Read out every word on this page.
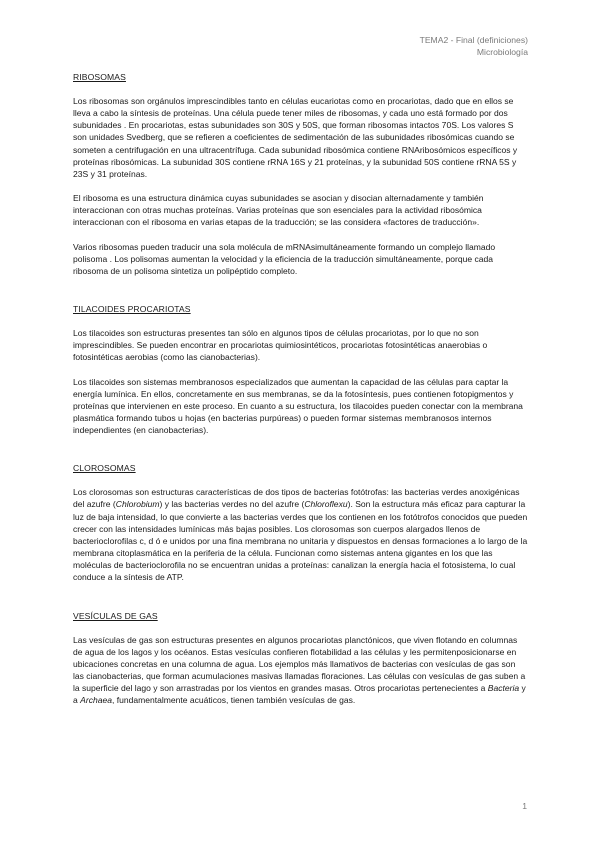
TEMA2 - Final (definiciones)
Microbiología
RIBOSOMAS

Los ribosomas son orgánulos imprescindibles tanto en células eucariotas como en procariotas, dado que en ellos se lleva a cabo la síntesis de proteínas. Una célula puede tener miles de ribosomas, y cada uno está formado por dos subunidades . En procariotas, estas subunidades son 30S y 50S, que forman ribosomas intactos 70S. Los valores S son unidades Svedberg, que se refieren a coeficientes de sedimentación de las subunidades ribosómicas cuando se someten a centrifugación en una ultracentrífuga. Cada subunidad ribosómica contiene RNAribosómicos específicos y proteínas ribosómicas. La subunidad 30S contiene rRNA 16S y 21 proteínas, y la subunidad 50S contiene rRNA 5S y 23S y 31 proteínas.

El ribosoma es una estructura dinámica cuyas subunidades se asocian y disocian alternadamente y también interaccionan con otras muchas proteínas. Varias proteínas que son esenciales para la actividad ribosómica interaccionan con el ribosoma en varias etapas de la traducción; se las considera «factores de traducción».

Varios ribosomas pueden traducir una sola molécula de mRNAsimultáneamente formando un complejo llamado polisoma . Los polisomas aumentan la velocidad y la eficiencia de la traducción simultáneamente, porque cada ribosoma de un polisoma sintetiza un polipéptido completo.

TILACOIDES PROCARIOTAS

Los tilacoides son estructuras presentes tan sólo en algunos tipos de células procariotas, por lo que no son imprescindibles. Se pueden encontrar en procariotas quimiosintéticos, procariotas fotosintéticas anaerobias o fotosintéticas aerobias (como las cianobacterias).

Los tilacoides son sistemas membranosos especializados que aumentan la capacidad de las células para captar la energía lumínica. En ellos, concretamente en sus membranas, se da la fotosíntesis, pues contienen fotopigmentos y proteínas que intervienen en este proceso. En cuanto a su estructura, los tilacoides pueden conectar con la membrana plasmática formando tubos u hojas (en bacterias purpúreas) o pueden formar sistemas membranosos internos independientes (en cianobacterias).

CLOROSOMAS

Los clorosomas son estructuras características de dos tipos de bacterias fotótrofas: las bacterias verdes anoxigénicas del azufre (Chlorobium) y las bacterias verdes no del azufre (Chloroflexu). Son la estructura más eficaz para capturar la luz de baja intensidad, lo que convierte a las bacterias verdes que los contienen en los fotótrofos conocidos que pueden crecer con las intensidades lumínicas más bajas posibles. Los clorosomas son cuerpos alargados llenos de bacterioclorofilas c, d ó e unidos por una fina membrana no unitaria y dispuestos en densas formaciones a lo largo de la membrana citoplasmática en la periferia de la célula. Funcionan como sistemas antena gigantes en los que las moléculas de bacterioclorofila no se encuentran unidas a proteínas: canalizan la energía hacia el fotosistema, lo cual conduce a la síntesis de ATP.

VESÍCULAS DE GAS

Las vesículas de gas son estructuras presentes en algunos procariotas planctónicos, que viven flotando en columnas de agua de los lagos y los océanos. Estas vesículas confieren flotabilidad a las células y les permitenposicionarse en ubicaciones concretas en una columna de agua. Los ejemplos más llamativos de bacterias con vesículas de gas son las cianobacterias, que forman acumulaciones masivas llamadas floraciones. Las células con vesículas de gas suben a la superficie del lago y son arrastradas por los vientos en grandes masas. Otros procariotas pertenecientes a Bacteria y a Archaea, fundamentalmente acuáticos, tienen también vesículas de gas.

1
